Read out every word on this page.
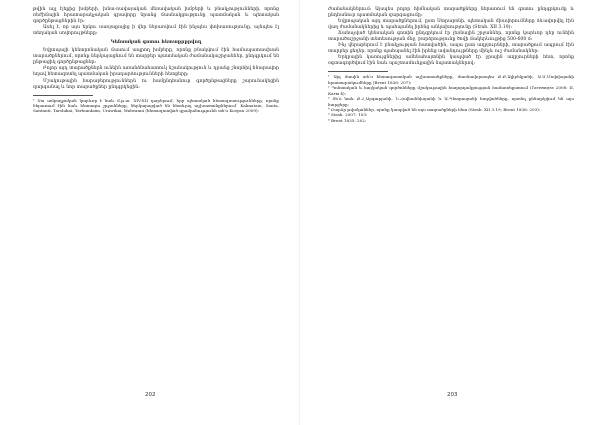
թվին այլ էյեքից խմբերի, խնա-ռավայական մեռավական խմբերի և բնակչությունների, որոնց ռեժիմային հրատարակչական գրավորը նրանց մասնակցությունը պատմական և պետական գործընթացներին էր։

Ասել է, որ այս երկու սառյաքայից ի վեր ներառվում էին ինչպես փոխառությունը, այնպես էլ տեղական սովորույթները։

Կենսական գոտու հետաքրքրվող

Եվրոպայի կենտրոնական մասում ապրող խմբերը, որոնք բնակվում էին համապատասխան տարածքներում, որոնք ներկայացնում են տարբեր պատմական ժամանակաշրջաններ, ընդգրկում են ընթացիկ գործընթացներ։

Բոլոր այդ տարածքներն ունեին առանձնահատուկ նշանակություն և դրանց շնորհիվ հնարավոր եղավ հետազոտել պատմական իրադարձությունների հետքերը։

Մշակութային հարաբերություններն ու համընդհանուր գործընթացները շարունակեցին զարգանալ և նոր տարածքներ ընդգրկեցին։

¹ Սա ամբողջական կարևոր է նաև մ.թ.ա. XIV-XII դարերում, երբ պետական հետազոտությունները, որոնք ներառում էին նաև հետագա շրջանները, ներկայացված են հետևյալ աշխատանքներում՝ Kalmatani, Santa, Santanti, Tarshikai, Tarhundaim, Urawikai, Walwanni (հետազոտված գրականությունն տե՛ս Kosyan 2009)։

202

ժամանակներում։ Այսպես բոլոր հիմնական տարածքները ներառում են գոտու ընդգրկումը և ընդհանուր պատմական զարգացումը։

Եվրոպական այդ տարածքներում, ըստ Ստրաբոնի, պետական միավորումները ձևավորվել էին վաղ ժամանակներից և պահպանել իրենց անկախությունը (Strab. XII 3.19)։

Ճանաչված կենսական գոտին ընդգրկում էր լեռնային շրջաններ, որոնք կարևոր դեր ունեին տարածաշրջանի տնտեսության մեջ, բարձրությունը ծովի մակերևույթից 500-600 մ։

Ինչ վերաբերում է բնակչության հատվածին, ապա ըստ աղբյուրների, տարածքում ապրում էին տարբեր ցեղեր, որոնք պահպանել էին իրենց ավանդույթները մինչև ուշ ժամանակներ։

Երկրային կառույցներից ամենահայտնին կապված էր ջրային աղբյուրների հետ, որոնք օգտագործվում էին նաև պաշտամունքային նպատակներով։

¹ Այդ մասին տե՛ս հետազոտական աշխատանքները, մասնավորապես Ք.Ք.Ալիբեկյանի, Ա.Ս.Մովսիսյանի հրատարակումները (Brent 1836: 207)։

² Պոնտական և հայկական գործոնները մշակութային հաղորդակցության համատեքստում (Гатенидзе 2008: II, Каты 4)։

³ Տե՛ս նաև Ք.Հ.Աբգարյանի, Ն.Հովհաննիսյանի և Ա.Պետրոսյանի հոդվածները, որտեղ քննարկվում են այս հարցերը։

⁴ Բարձր թվականներ, որոնք կապված են այս տարածքների հետ (Strab. XII 3.19; Brent 1836: 203)։

⁵ Strab. 2007: 103։

⁶ Brent 1835: 202։

203
